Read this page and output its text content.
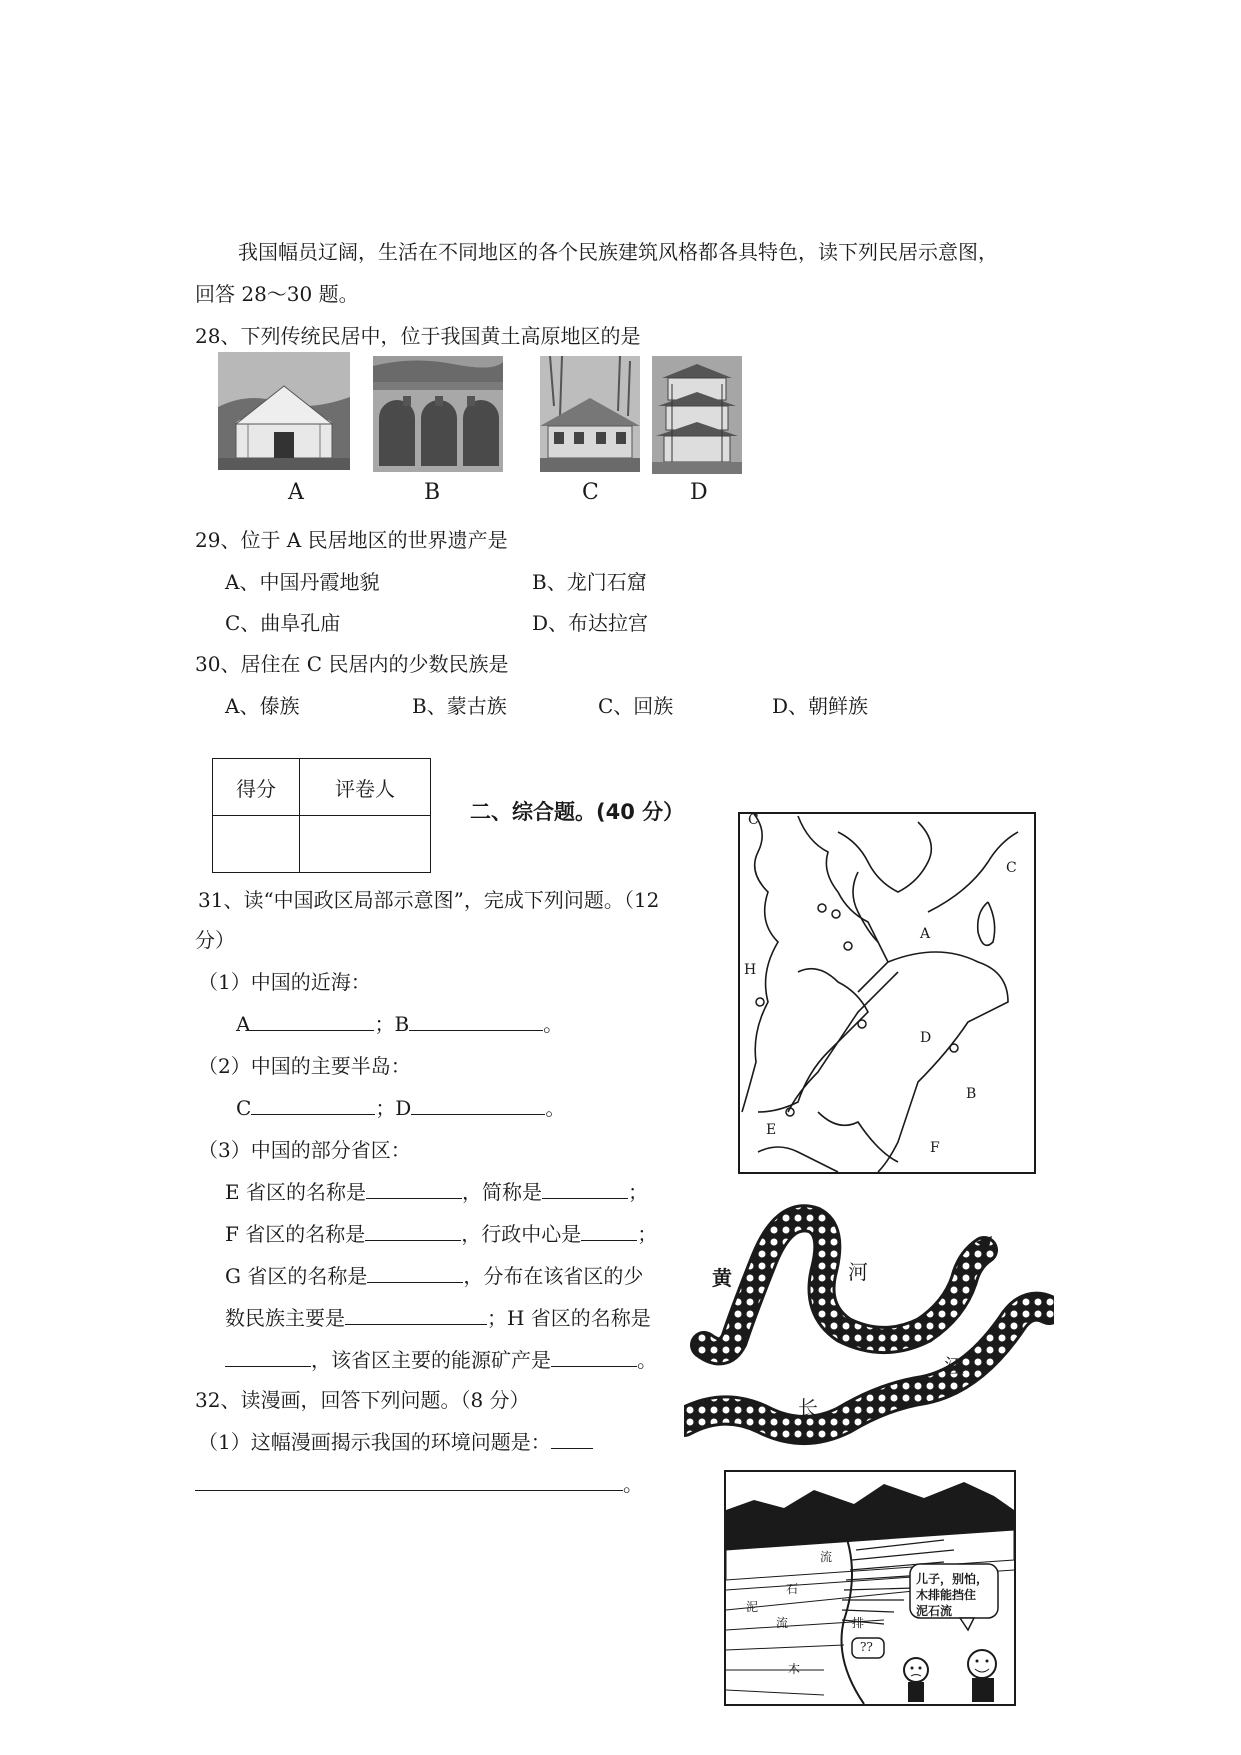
我国幅员辽阔，生活在不同地区的各个民族建筑风格都各具特色，读下列民居示意图，
回答 28～30 题。
28、下列传统民居中，位于我国黄土高原地区的是
A	B	C	D
29、位于 A 民居地区的世界遗产是
A、中国丹霞地貌	B、龙门石窟
C、曲阜孔庙	D、布达拉宫
30、居住在 C 民居内的少数民族是
A、傣族	B、蒙古族	C、回族	D、朝鲜族
得分	评卷人

二、综合题。(40 分）
31、读“中国政区局部示意图”，完成下列问题。（12
分）
（1）中国的近海：
A	；B	。
（2）中国的主要半岛：
C	；D	。
（3）中国的部分省区：
E 省区的名称是	，简称是	；
F 省区的名称是	，行政中心是	；
G 省区的名称是	，分布在该省区的少
数民族主要是	；H 省区的名称是
，该省区主要的能源矿产是	。
32、读漫画，回答下列问题。（8 分）
（1）这幅漫画揭示我国的环境问题是：
。
C
C
A
H
D
B
E
F
黄	河
长
江
荒	山
泥
流
石
流
木
排
儿子，别怕，
木排能挡住
泥石流
??
